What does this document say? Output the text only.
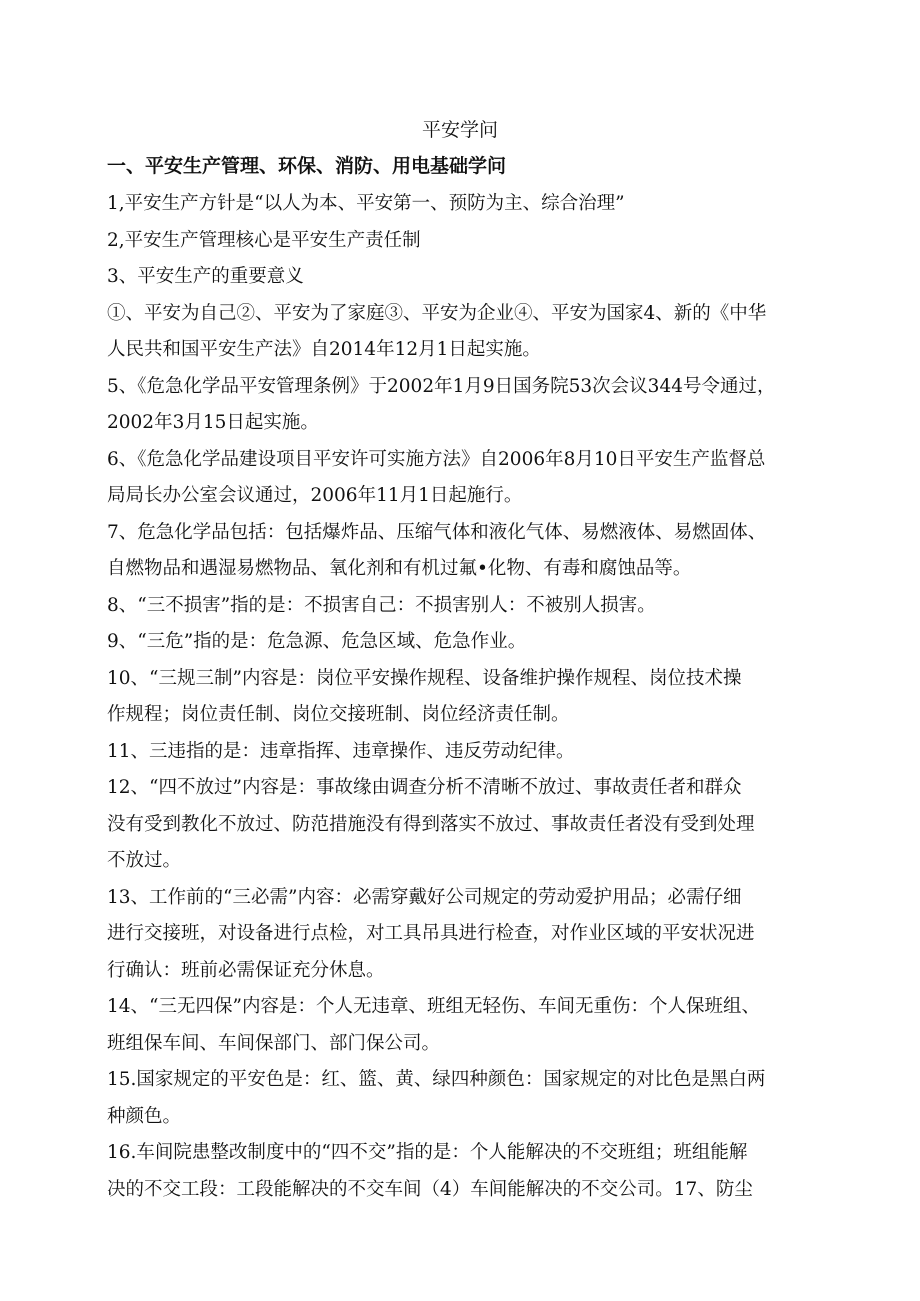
平安学问
一、平安生产管理、环保、消防、用电基础学问
1,平安生产方针是“以人为本、平安第一、预防为主、综合治理”
2,平安生产管理核心是平安生产责任制
3、平安生产的重要意义
①、平安为自己②、平安为了家庭③、平安为企业④、平安为国家4、新的《中华
人民共和国平安生产法》自2014年12月1日起实施。
5、《危急化学品平安管理条例》于2002年1月9日国务院53次会议344号令通过，
2002年3月15日起实施。
6、《危急化学品建设项目平安许可实施方法》自2006年8月10日平安生产监督总
局局长办公室会议通过，2006年11月1日起施行。
7、危急化学品包括：包括爆炸品、压缩气体和液化气体、易燃液体、易燃固体、
自燃物品和遇湿易燃物品、氧化剂和有机过氟•化物、有毒和腐蚀品等。
8、“三不损害”指的是：不损害自己：不损害别人：不被别人损害。
9、“三危”指的是：危急源、危急区域、危急作业。
10、“三规三制”内容是：岗位平安操作规程、设备维护操作规程、岗位技术操
作规程；岗位责任制、岗位交接班制、岗位经济责任制。
11、三违指的是：违章指挥、违章操作、违反劳动纪律。
12、“四不放过”内容是：事故缘由调查分析不清晰不放过、事故责任者和群众
没有受到教化不放过、防范措施没有得到落实不放过、事故责任者没有受到处理
不放过。
13、工作前的“三必需”内容：必需穿戴好公司规定的劳动爱护用品；必需仔细
进行交接班，对设备进行点检，对工具吊具进行检查，对作业区域的平安状况进
行确认：班前必需保证充分休息。
14、“三无四保”内容是：个人无违章、班组无轻伤、车间无重伤：个人保班组、
班组保车间、车间保部门、部门保公司。
15.国家规定的平安色是：红、篮、黄、绿四种颜色：国家规定的对比色是黑白两
种颜色。
16.车间院患整改制度中的“四不交”指的是：个人能解决的不交班组；班组能解
决的不交工段：工段能解决的不交车间（4）车间能解决的不交公司。17、防尘
